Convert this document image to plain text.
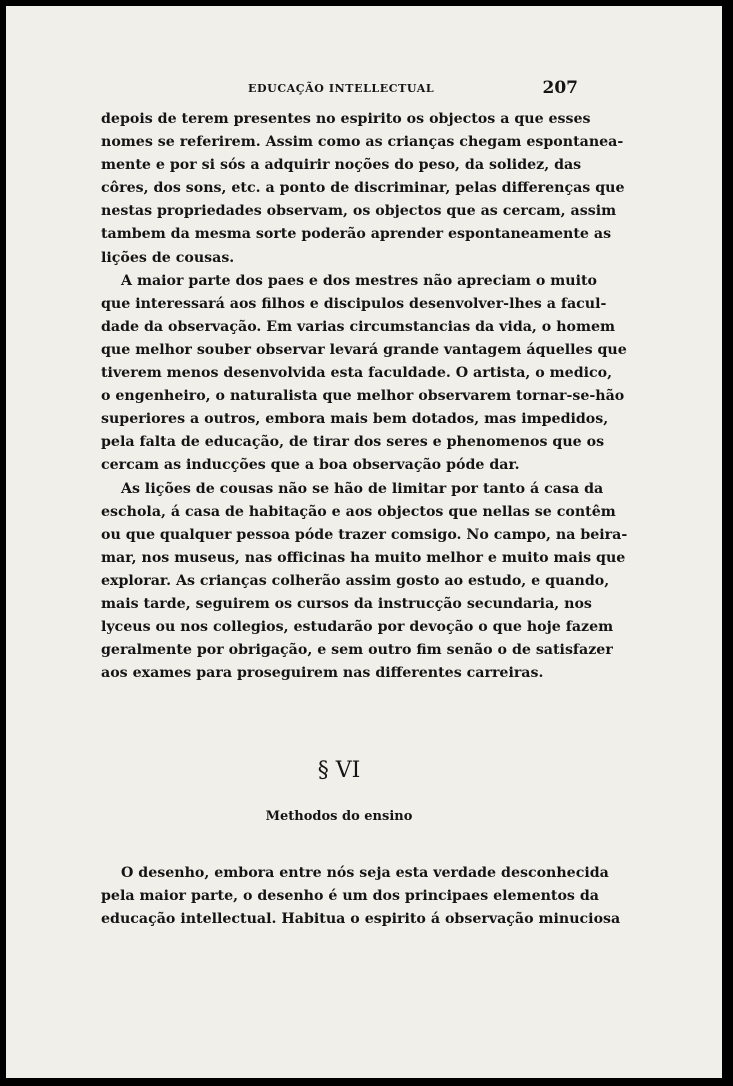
EDUCAÇÃO INTELLECTUAL	207

depois de terem presentes no espirito os objectos a que esses
nomes se referirem. Assim como as crianças chegam espontanea-
mente e por si sós a adquirir noções do peso, da solidez, das
côres, dos sons, etc. a ponto de discriminar, pelas differenças que
nestas propriedades observam, os objectos que as cercam, assim
tambem da mesma sorte poderão aprender espontaneamente as
lições de cousas.

A maior parte dos paes e dos mestres não apreciam o muito
que interessará aos filhos e discipulos desenvolver-lhes a facul-
dade da observação. Em varias circumstancias da vida, o homem
que melhor souber observar levará grande vantagem áquelles que
tiverem menos desenvolvida esta faculdade. O artista, o medico,
o engenheiro, o naturalista que melhor observarem tornar-se-hão
superiores a outros, embora mais bem dotados, mas impedidos,
pela falta de educação, de tirar dos seres e phenomenos que os
cercam as inducções que a boa observação póde dar.

As lições de cousas não se hão de limitar por tanto á casa da
eschola, á casa de habitação e aos objectos que nellas se contêm
ou que qualquer pessoa póde trazer comsigo. No campo, na beira-
mar, nos museus, nas officinas ha muito melhor e muito mais que
explorar. As crianças colherão assim gosto ao estudo, e quando,
mais tarde, seguirem os cursos da instrucção secundaria, nos
lyceus ou nos collegios, estudarão por devoção o que hoje fazem
geralmente por obrigação, e sem outro fim senão o de satisfazer
aos exames para proseguirem nas differentes carreiras.

§ VI
Methodos do ensino

O desenho, embora entre nós seja esta verdade desconhecida
pela maior parte, o desenho é um dos principaes elementos da
educação intellectual. Habitua o espirito á observação minuciosa
